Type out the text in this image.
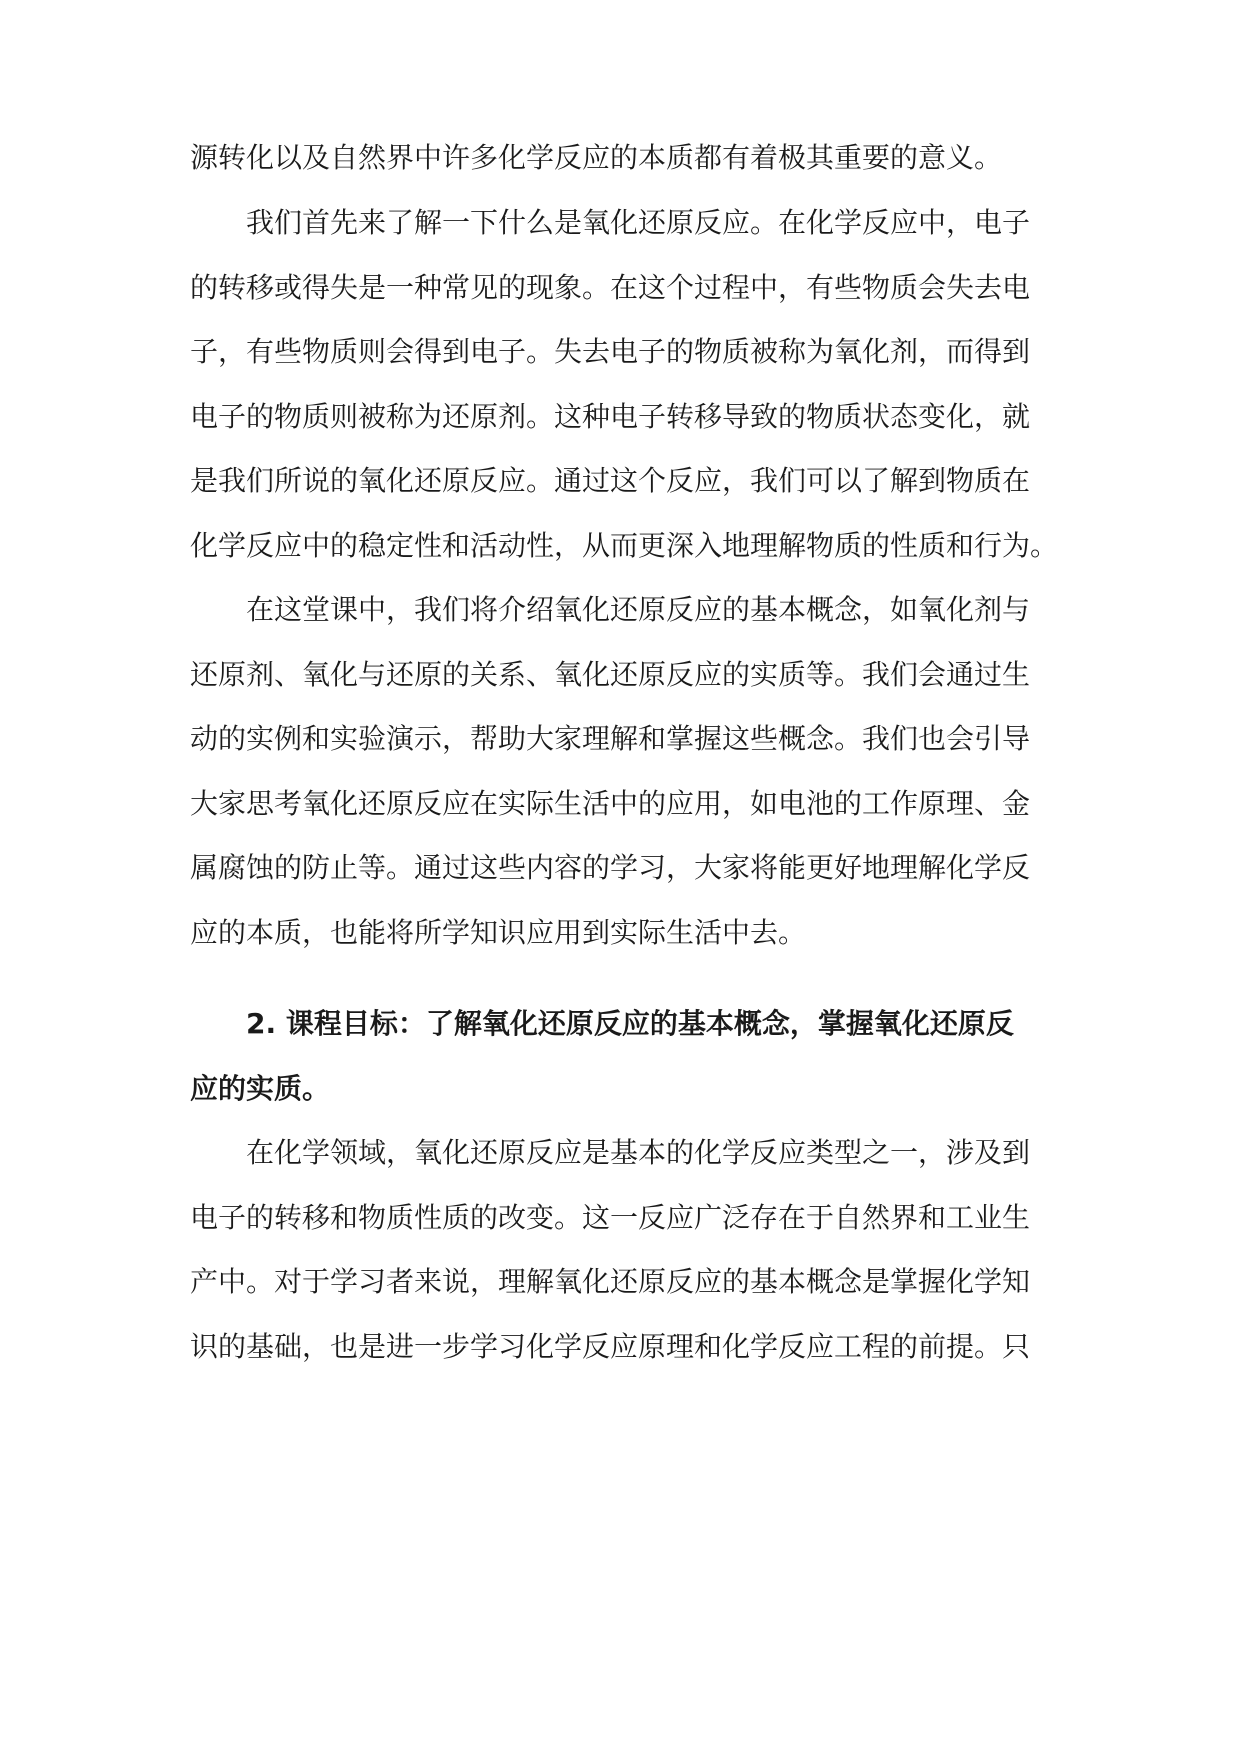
源转化以及自然界中许多化学反应的本质都有着极其重要的意义。

我们首先来了解一下什么是氧化还原反应。在化学反应中，电子

的转移或得失是一种常见的现象。在这个过程中，有些物质会失去电

子，有些物质则会得到电子。失去电子的物质被称为氧化剂，而得到

电子的物质则被称为还原剂。这种电子转移导致的物质状态变化，就

是我们所说的氧化还原反应。通过这个反应，我们可以了解到物质在

化学反应中的稳定性和活动性，从而更深入地理解物质的性质和行为。

在这堂课中，我们将介绍氧化还原反应的基本概念，如氧化剂与

还原剂、氧化与还原的关系、氧化还原反应的实质等。我们会通过生

动的实例和实验演示，帮助大家理解和掌握这些概念。我们也会引导

大家思考氧化还原反应在实际生活中的应用，如电池的工作原理、金

属腐蚀的防止等。通过这些内容的学习，大家将能更好地理解化学反

应的本质，也能将所学知识应用到实际生活中去。

2. 课程目标：了解氧化还原反应的基本概念，掌握氧化还原反

应的实质。

在化学领域，氧化还原反应是基本的化学反应类型之一，涉及到

电子的转移和物质性质的改变。这一反应广泛存在于自然界和工业生

产中。对于学习者来说，理解氧化还原反应的基本概念是掌握化学知

识的基础，也是进一步学习化学反应原理和化学反应工程的前提。只
